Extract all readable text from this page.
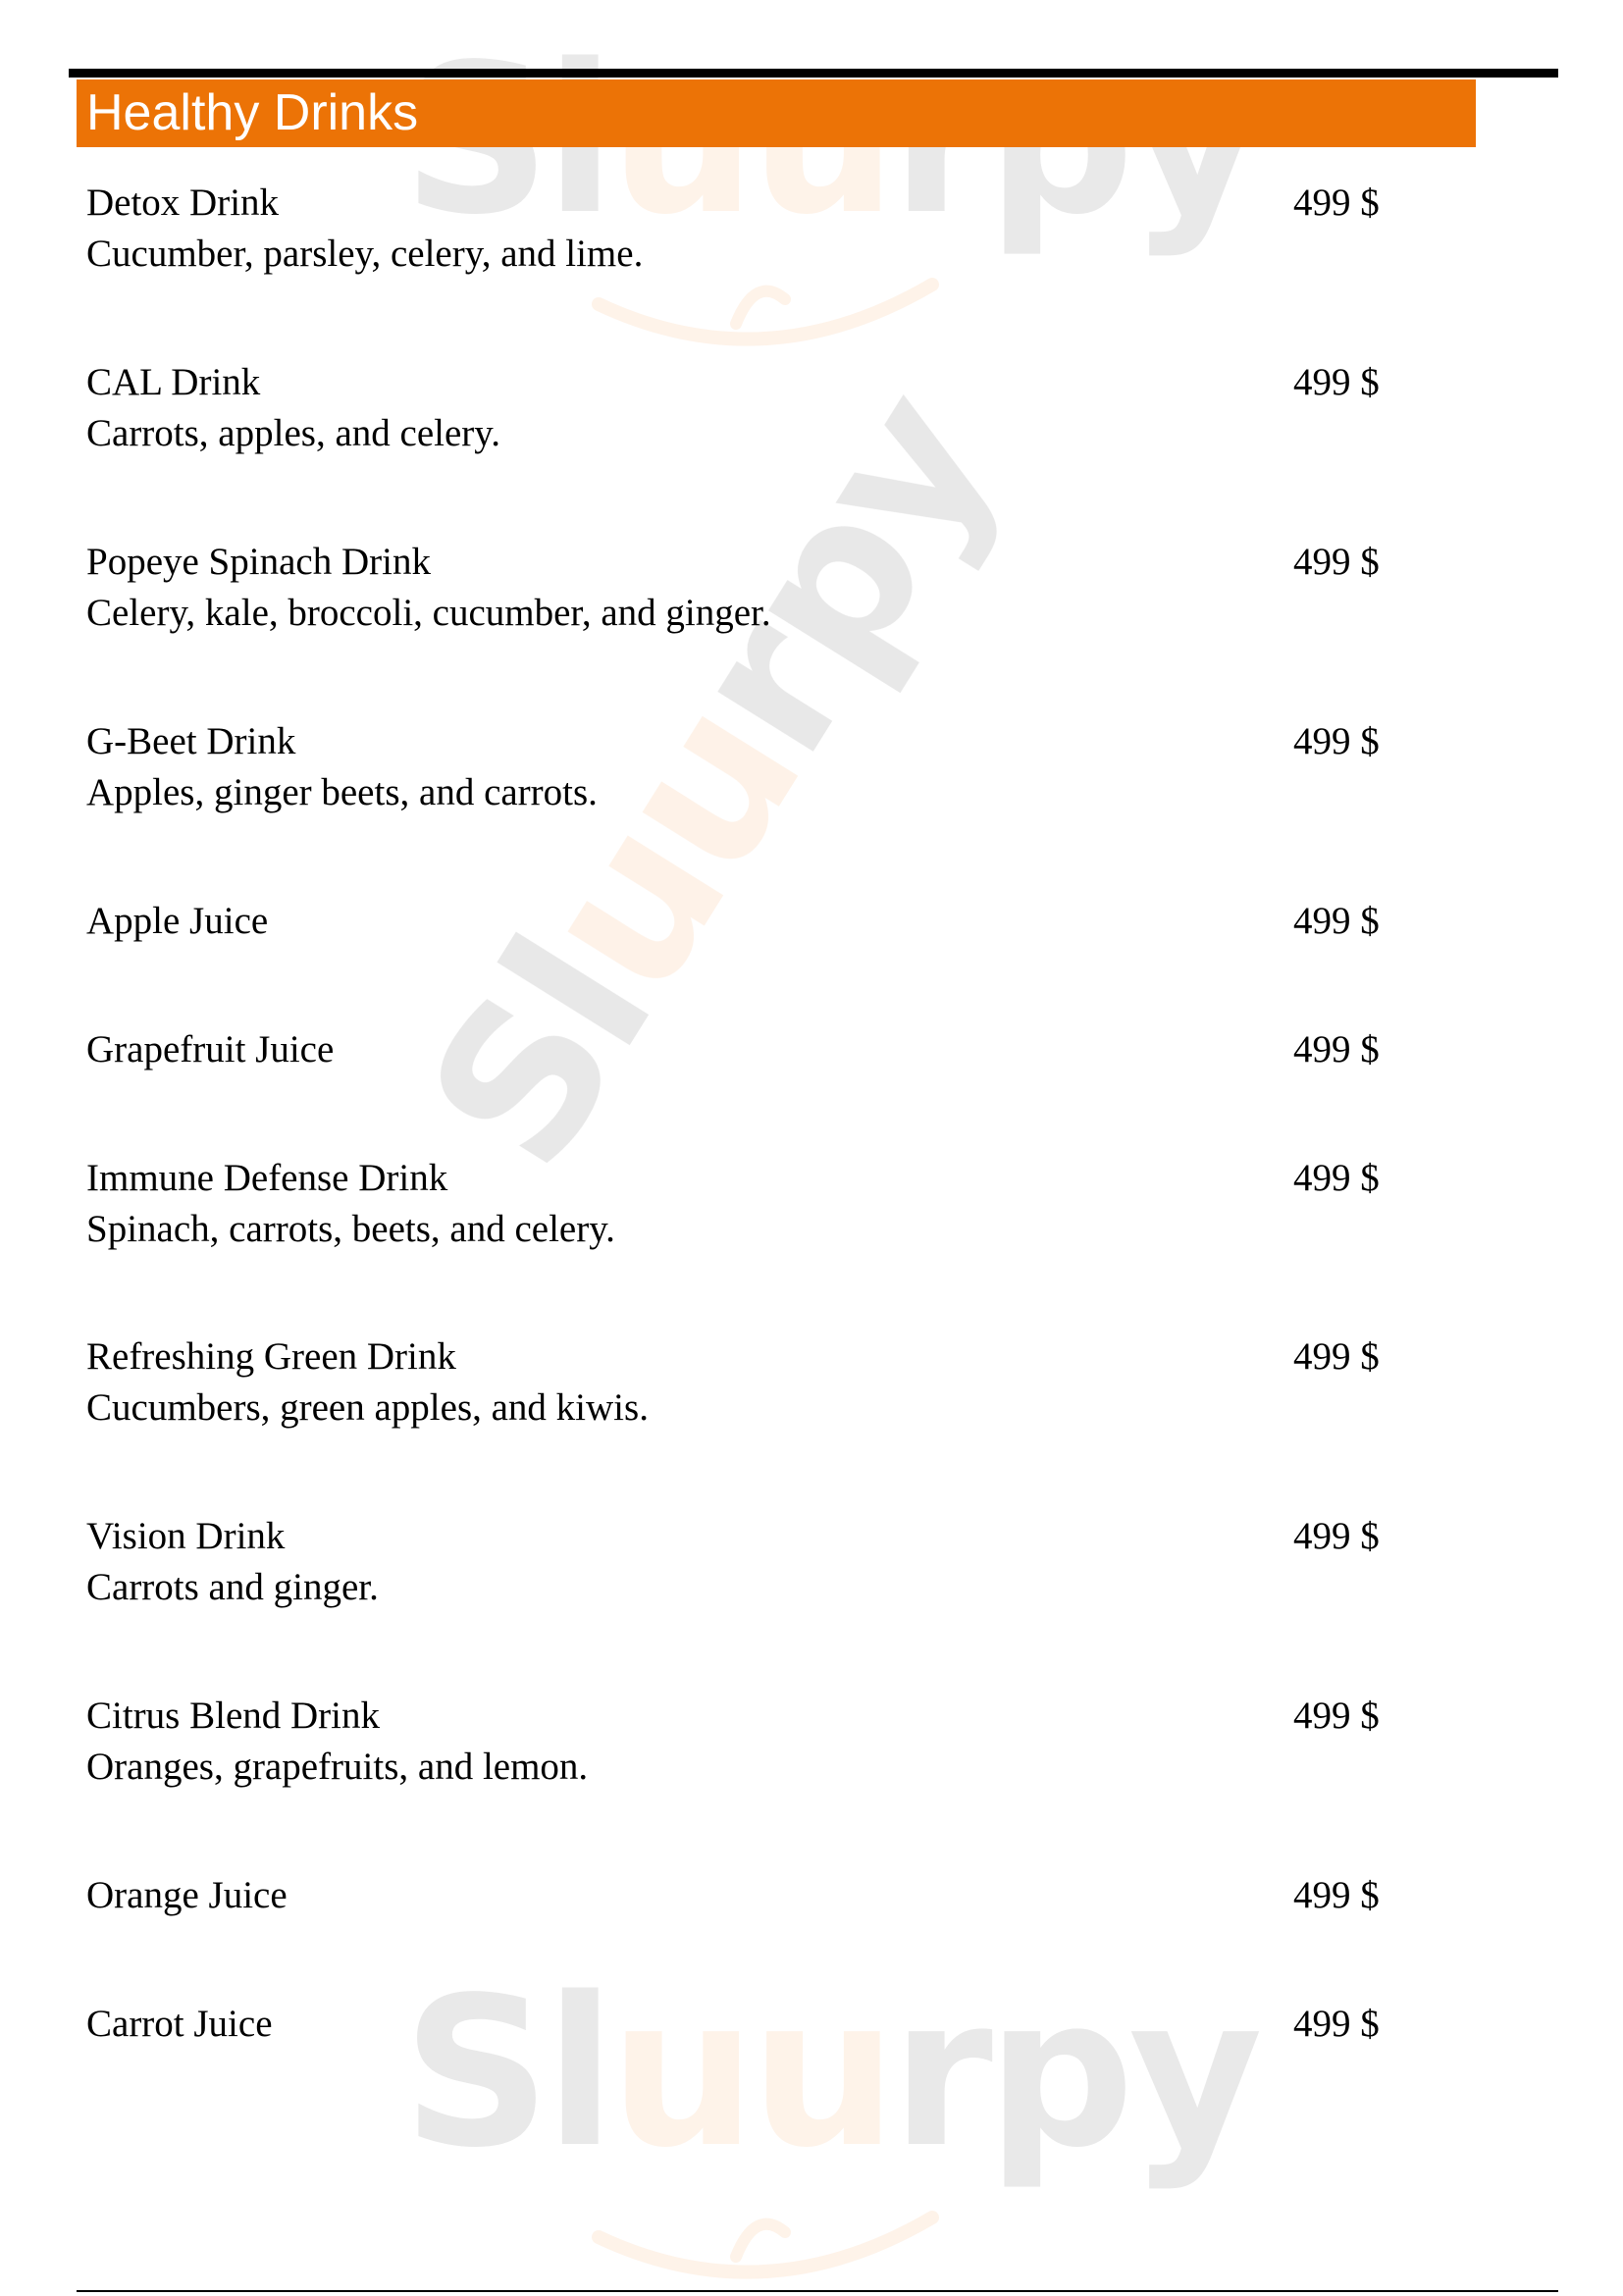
Sluurpy
Sluurpy
Healthy Drinks
Detox Drink
Cucumber, parsley, celery, and lime.
499 $
CAL Drink
Carrots, apples, and celery.
499 $
Popeye Spinach Drink
Celery, kale, broccoli, cucumber, and ginger.
499 $
G-Beet Drink
Apples, ginger beets, and carrots.
499 $
Apple Juice	499 $
Grapefruit Juice	499 $
Immune Defense Drink
Spinach, carrots, beets, and celery.
499 $
Refreshing Green Drink
Cucumbers, green apples, and kiwis.
499 $
Vision Drink
Carrots and ginger.
499 $
Citrus Blend Drink
Oranges, grapefruits, and lemon.
499 $
Orange Juice	499 $
Carrot Juice	499 $
